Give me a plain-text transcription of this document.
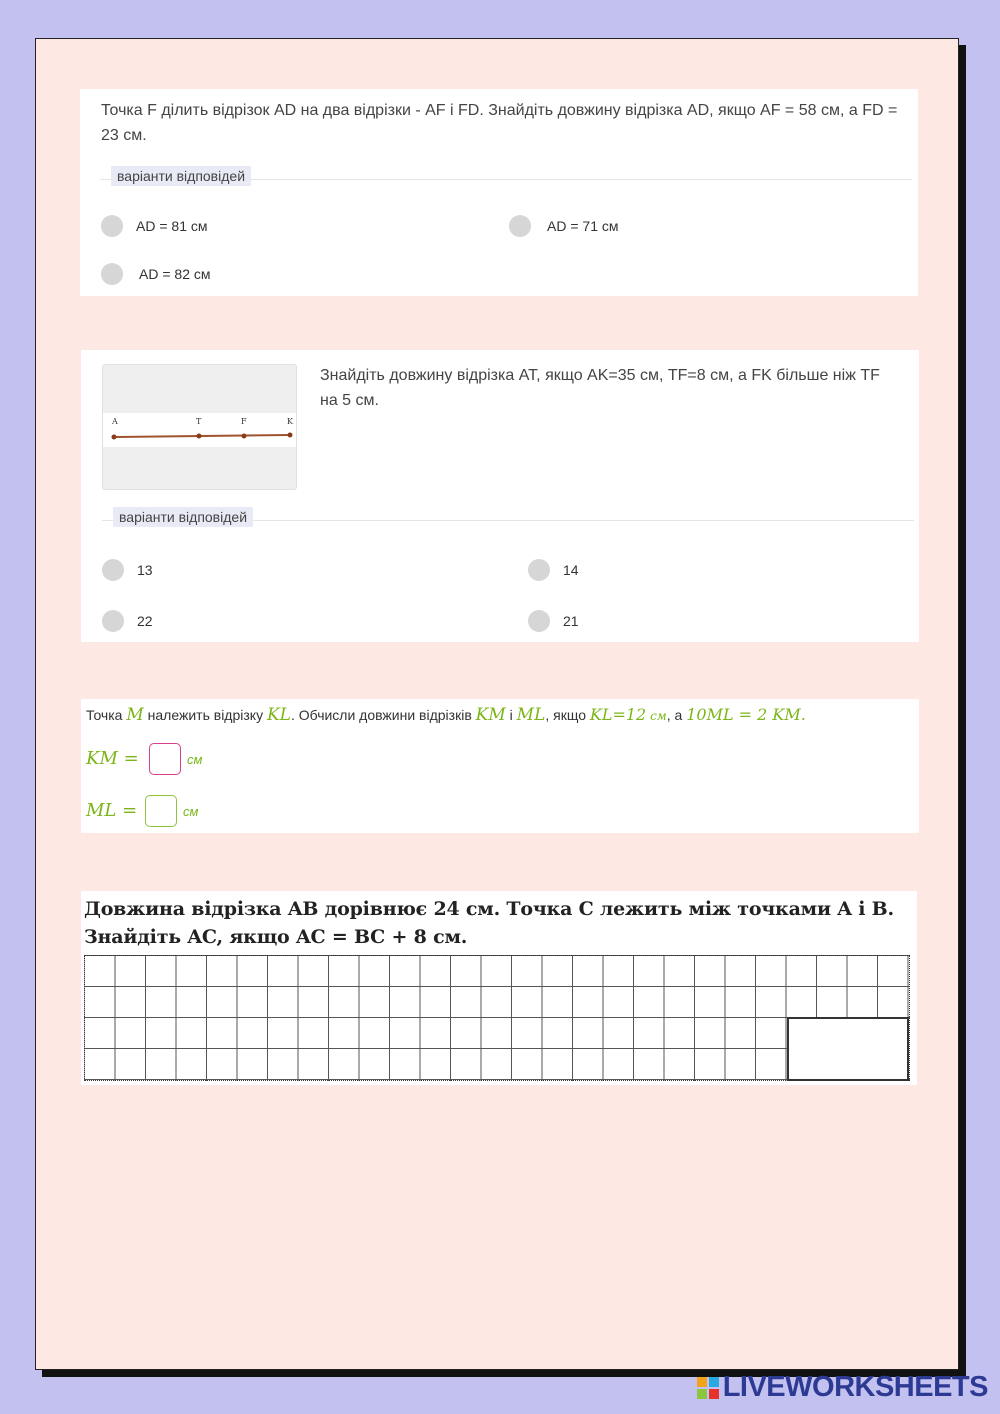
Точка F ділить відрізок AD на два відрізки - AF і FD. Знайдіть довжину відрізка AD, якщо AF = 58 см, а FD = 23 см.
варіанти відповідей
AD = 81 см	AD = 71 см
AD = 82 см
A	T	F	K
Знайдіть довжину відрізка AT, якщо AK=35 см, TF=8 см, а FK більше ніж TF на 5 см.
варіанти відповідей
13	14
22	21
Точка M належить відрізку KL. Обчисли довжини відрізків KM і ML, якщо KL=12 см, а 10ML = 2 KM.
KM =	см
ML =	см
Довжина відрізка AB дорівнює 24 см. Точка C лежить між точками A і B.
Знайдіть AC, якщо AC = BC + 8 см.
LIVEWORKSHEETS
